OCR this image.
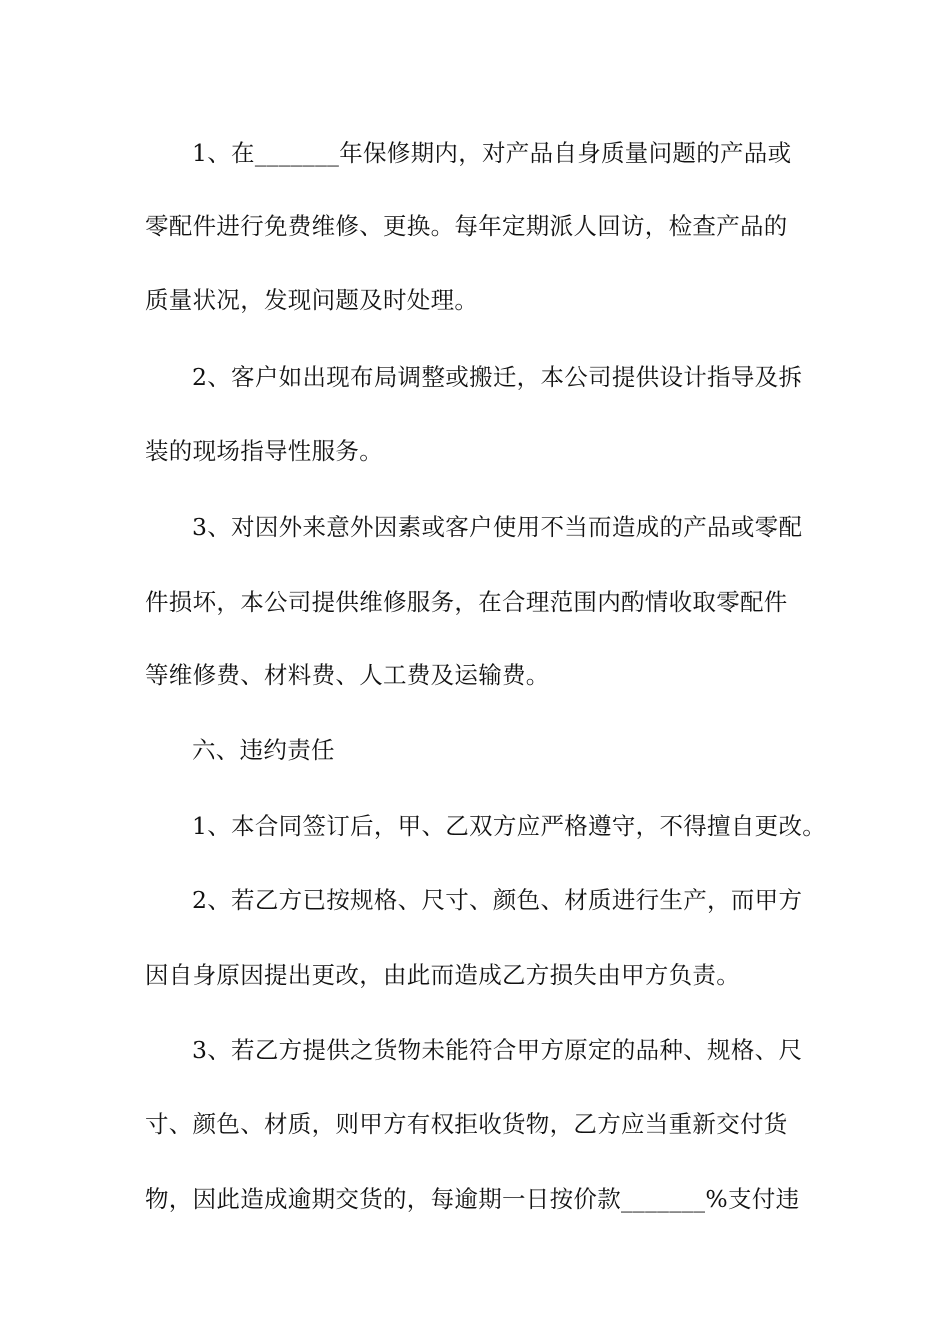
1、在_______年保修期内，对产品自身质量问题的产品或
零配件进行免费维修、更换。每年定期派人回访，检查产品的
质量状况，发现问题及时处理。
2、客户如出现布局调整或搬迁，本公司提供设计指导及拆
装的现场指导性服务。
3、对因外来意外因素或客户使用不当而造成的产品或零配
件损坏，本公司提供维修服务，在合理范围内酌情收取零配件
等维修费、材料费、人工费及运输费。
六、违约责任
1、本合同签订后，甲、乙双方应严格遵守，不得擅自更改。
2、若乙方已按规格、尺寸、颜色、材质进行生产，而甲方
因自身原因提出更改，由此而造成乙方损失由甲方负责。
3、若乙方提供之货物未能符合甲方原定的品种、规格、尺
寸、颜色、材质，则甲方有权拒收货物，乙方应当重新交付货
物，因此造成逾期交货的，每逾期一日按价款_______%支付违
